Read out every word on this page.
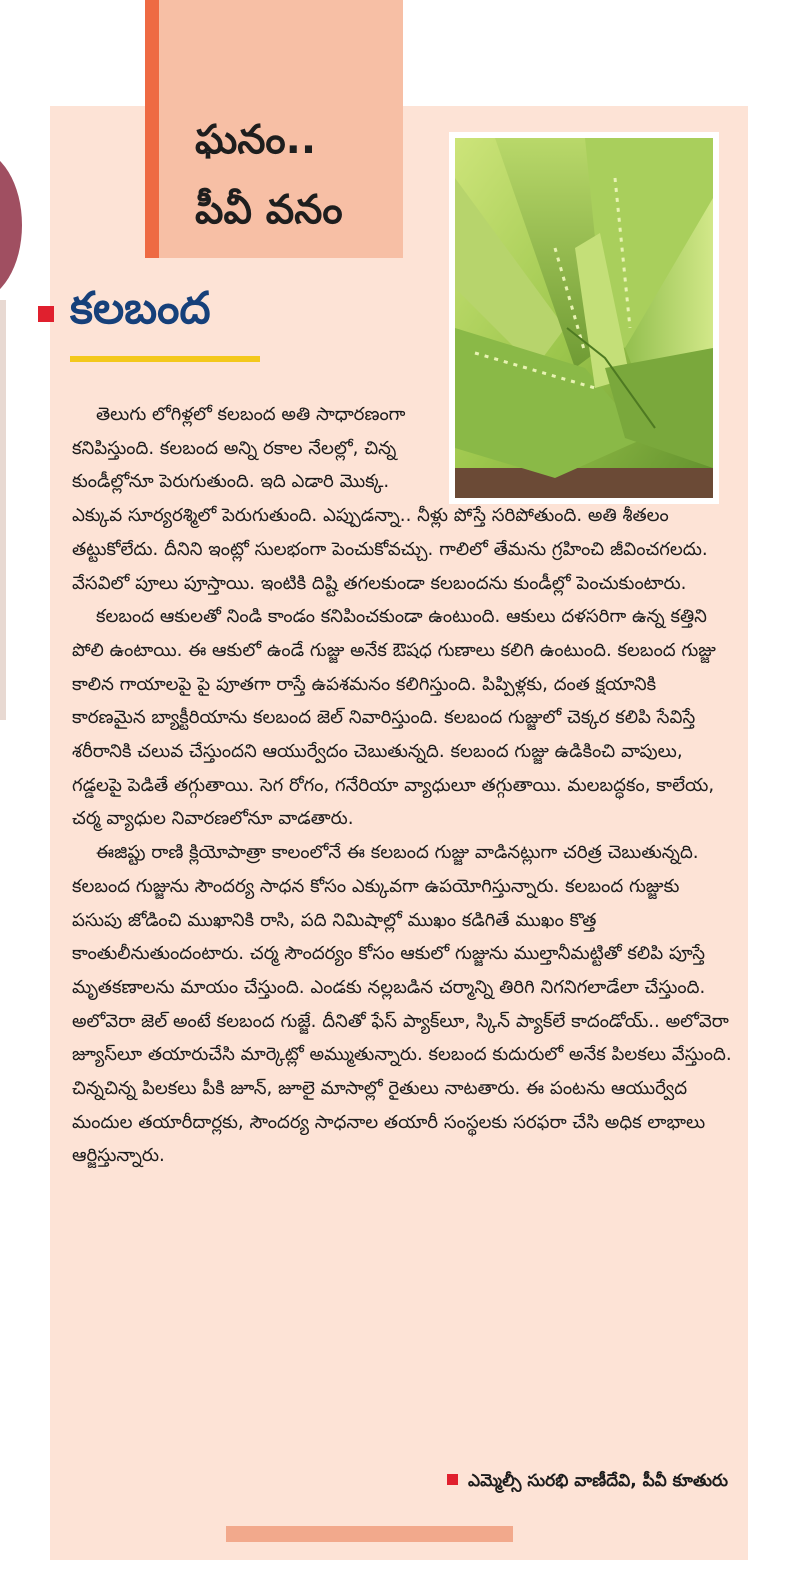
ఘనం..
పీవీ వనం
కలబంద

తెలుగు లోగిళ్లలో కలబంద అతి సాధారణంగా కనిపిస్తుంది. కలబంద అన్ని రకాల నేలల్లో, చిన్న కుండీల్లోనూ పెరుగుతుంది. ఇది ఎడారి మొక్క.

ఎక్కువ సూర్యరశ్మిలో పెరుగుతుంది. ఎప్పుడన్నా.. నీళ్లు పోస్తే సరిపోతుంది. అతి శీతలం తట్టుకోలేదు. దీనిని ఇంట్లో సులభంగా పెంచుకోవచ్చు. గాలిలో తేమను గ్రహించి జీవించగలదు. వేసవిలో పూలు పూస్తాయి. ఇంటికి దిష్టి తగలకుండా కలబందను కుండీల్లో పెంచుకుంటారు.

కలబంద ఆకులతో నిండి కాండం కనిపించకుండా ఉంటుంది. ఆకులు దళసరిగా ఉన్న కత్తిని పోలి ఉంటాయి. ఈ ఆకులో ఉండే గుజ్జు అనేక ఔషధ గుణాలు కలిగి ఉంటుంది. కలబంద గుజ్జు కాలిన గాయాలపై పై పూతగా రాస్తే ఉపశమనం కలిగిస్తుంది. పిప్పిళ్లకు, దంత క్షయానికి కారణమైన బ్యాక్టీరియాను కలబంద జెల్ నివారిస్తుంది. కలబంద గుజ్జులో చెక్కర కలిపి సేవిస్తే శరీరానికి చలువ చేస్తుందని ఆయుర్వేదం చెబుతున్నది. కలబంద గుజ్జు ఉడికించి వాపులు, గడ్డలపై పెడితే తగ్గుతాయి. సెగ రోగం, గనేరియా వ్యాధులూ తగ్గుతాయి. మలబద్ధకం, కాలేయ, చర్మ వ్యాధుల నివారణలోనూ వాడతారు.

ఈజిప్టు రాణి క్లియోపాత్రా కాలంలోనే ఈ కలబంద గుజ్జు వాడినట్లుగా చరిత్ర చెబుతున్నది. కలబంద గుజ్జును సౌందర్య సాధన కోసం ఎక్కువగా ఉపయోగిస్తున్నారు. కలబంద గుజ్జుకు పసుపు జోడించి ముఖానికి రాసి, పది నిమిషాల్లో ముఖం కడిగితే ముఖం కొత్త కాంతులీనుతుందంటారు. చర్మ సౌందర్యం కోసం ఆకులో గుజ్జును ముల్తానీమట్టితో కలిపి పూస్తే మృతకణాలను మాయం చేస్తుంది. ఎండకు నల్లబడిన చర్మాన్ని తిరిగి నిగనిగలాడేలా చేస్తుంది. అలోవెరా జెల్ అంటే కలబంద గుజ్జే. దీనితో ఫేస్ ప్యాక్‌లూ, స్కిన్ ప్యాక్‌లే కాదండోయ్.. అలోవెరా జ్యూస్‌లూ తయారుచేసి మార్కెట్లో అమ్ముతున్నారు. కలబంద కుదురులో అనేక పిలకలు వేస్తుంది. చిన్నచిన్న పిలకలు పీకి జూన్, జూలై మాసాల్లో రైతులు నాటతారు. ఈ పంటను ఆయుర్వేద మందుల తయారీదార్లకు, సౌందర్య సాధనాల తయారీ సంస్థలకు సరఫరా చేసి అధిక లాభాలు ఆర్జిస్తున్నారు.

ఎమ్మెల్సీ సురభి వాణీదేవి, పీవీ కూతురు
